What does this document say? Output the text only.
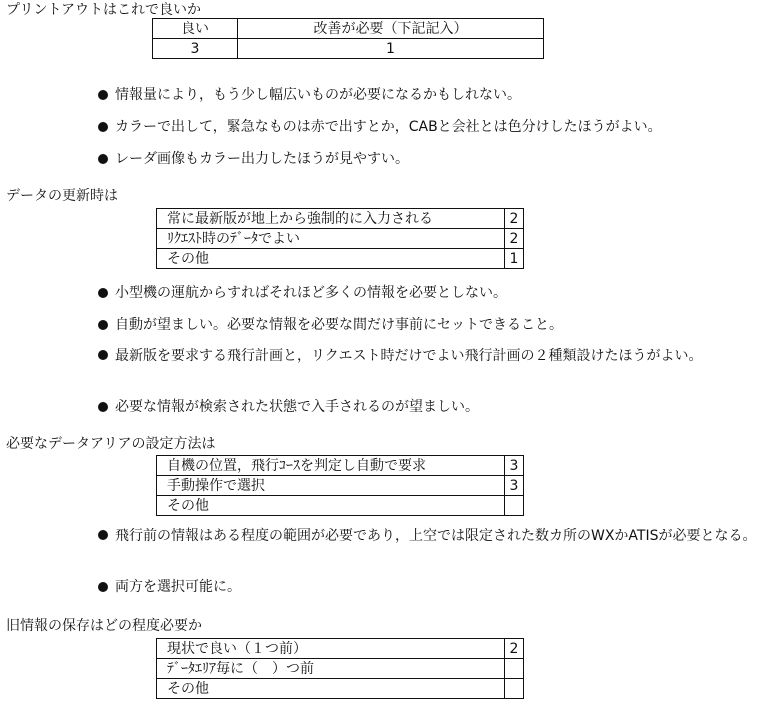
プリントアウトはこれで良いか
良い	改善が必要（下記記入）
3	1
情報量により，もう少し幅広いものが必要になるかもしれない。
カラーで出して，緊急なものは赤で出すとか，CABと会社とは色分けしたほうがよい。
レーダ画像もカラー出力したほうが見やすい。
データの更新時は
常に最新版が地上から強制的に入力される	2
ﾘｸｴｽﾄ時のﾃﾞｰﾀでよい	2
その他	1
小型機の運航からすればそれほど多くの情報を必要としない。
自動が望ましい。必要な情報を必要な間だけ事前にセットできること。
最新版を要求する飛行計画と，リクエスト時だけでよい飛行計画の２種類設けたほうがよい。
必要な情報が検索された状態で入手されるのが望ましい。
必要なデータアリアの設定方法は
自機の位置，飛行ｺｰｽを判定し自動で要求	3
手動操作で選択	3
その他	
飛行前の情報はある程度の範囲が必要であり，上空では限定された数カ所のWXかATISが必要となる。
両方を選択可能に。
旧情報の保存はどの程度必要か
現状で良い（１つ前）	2
ﾃﾞｰﾀｴﾘｱ毎に（　）つ前	
その他	
